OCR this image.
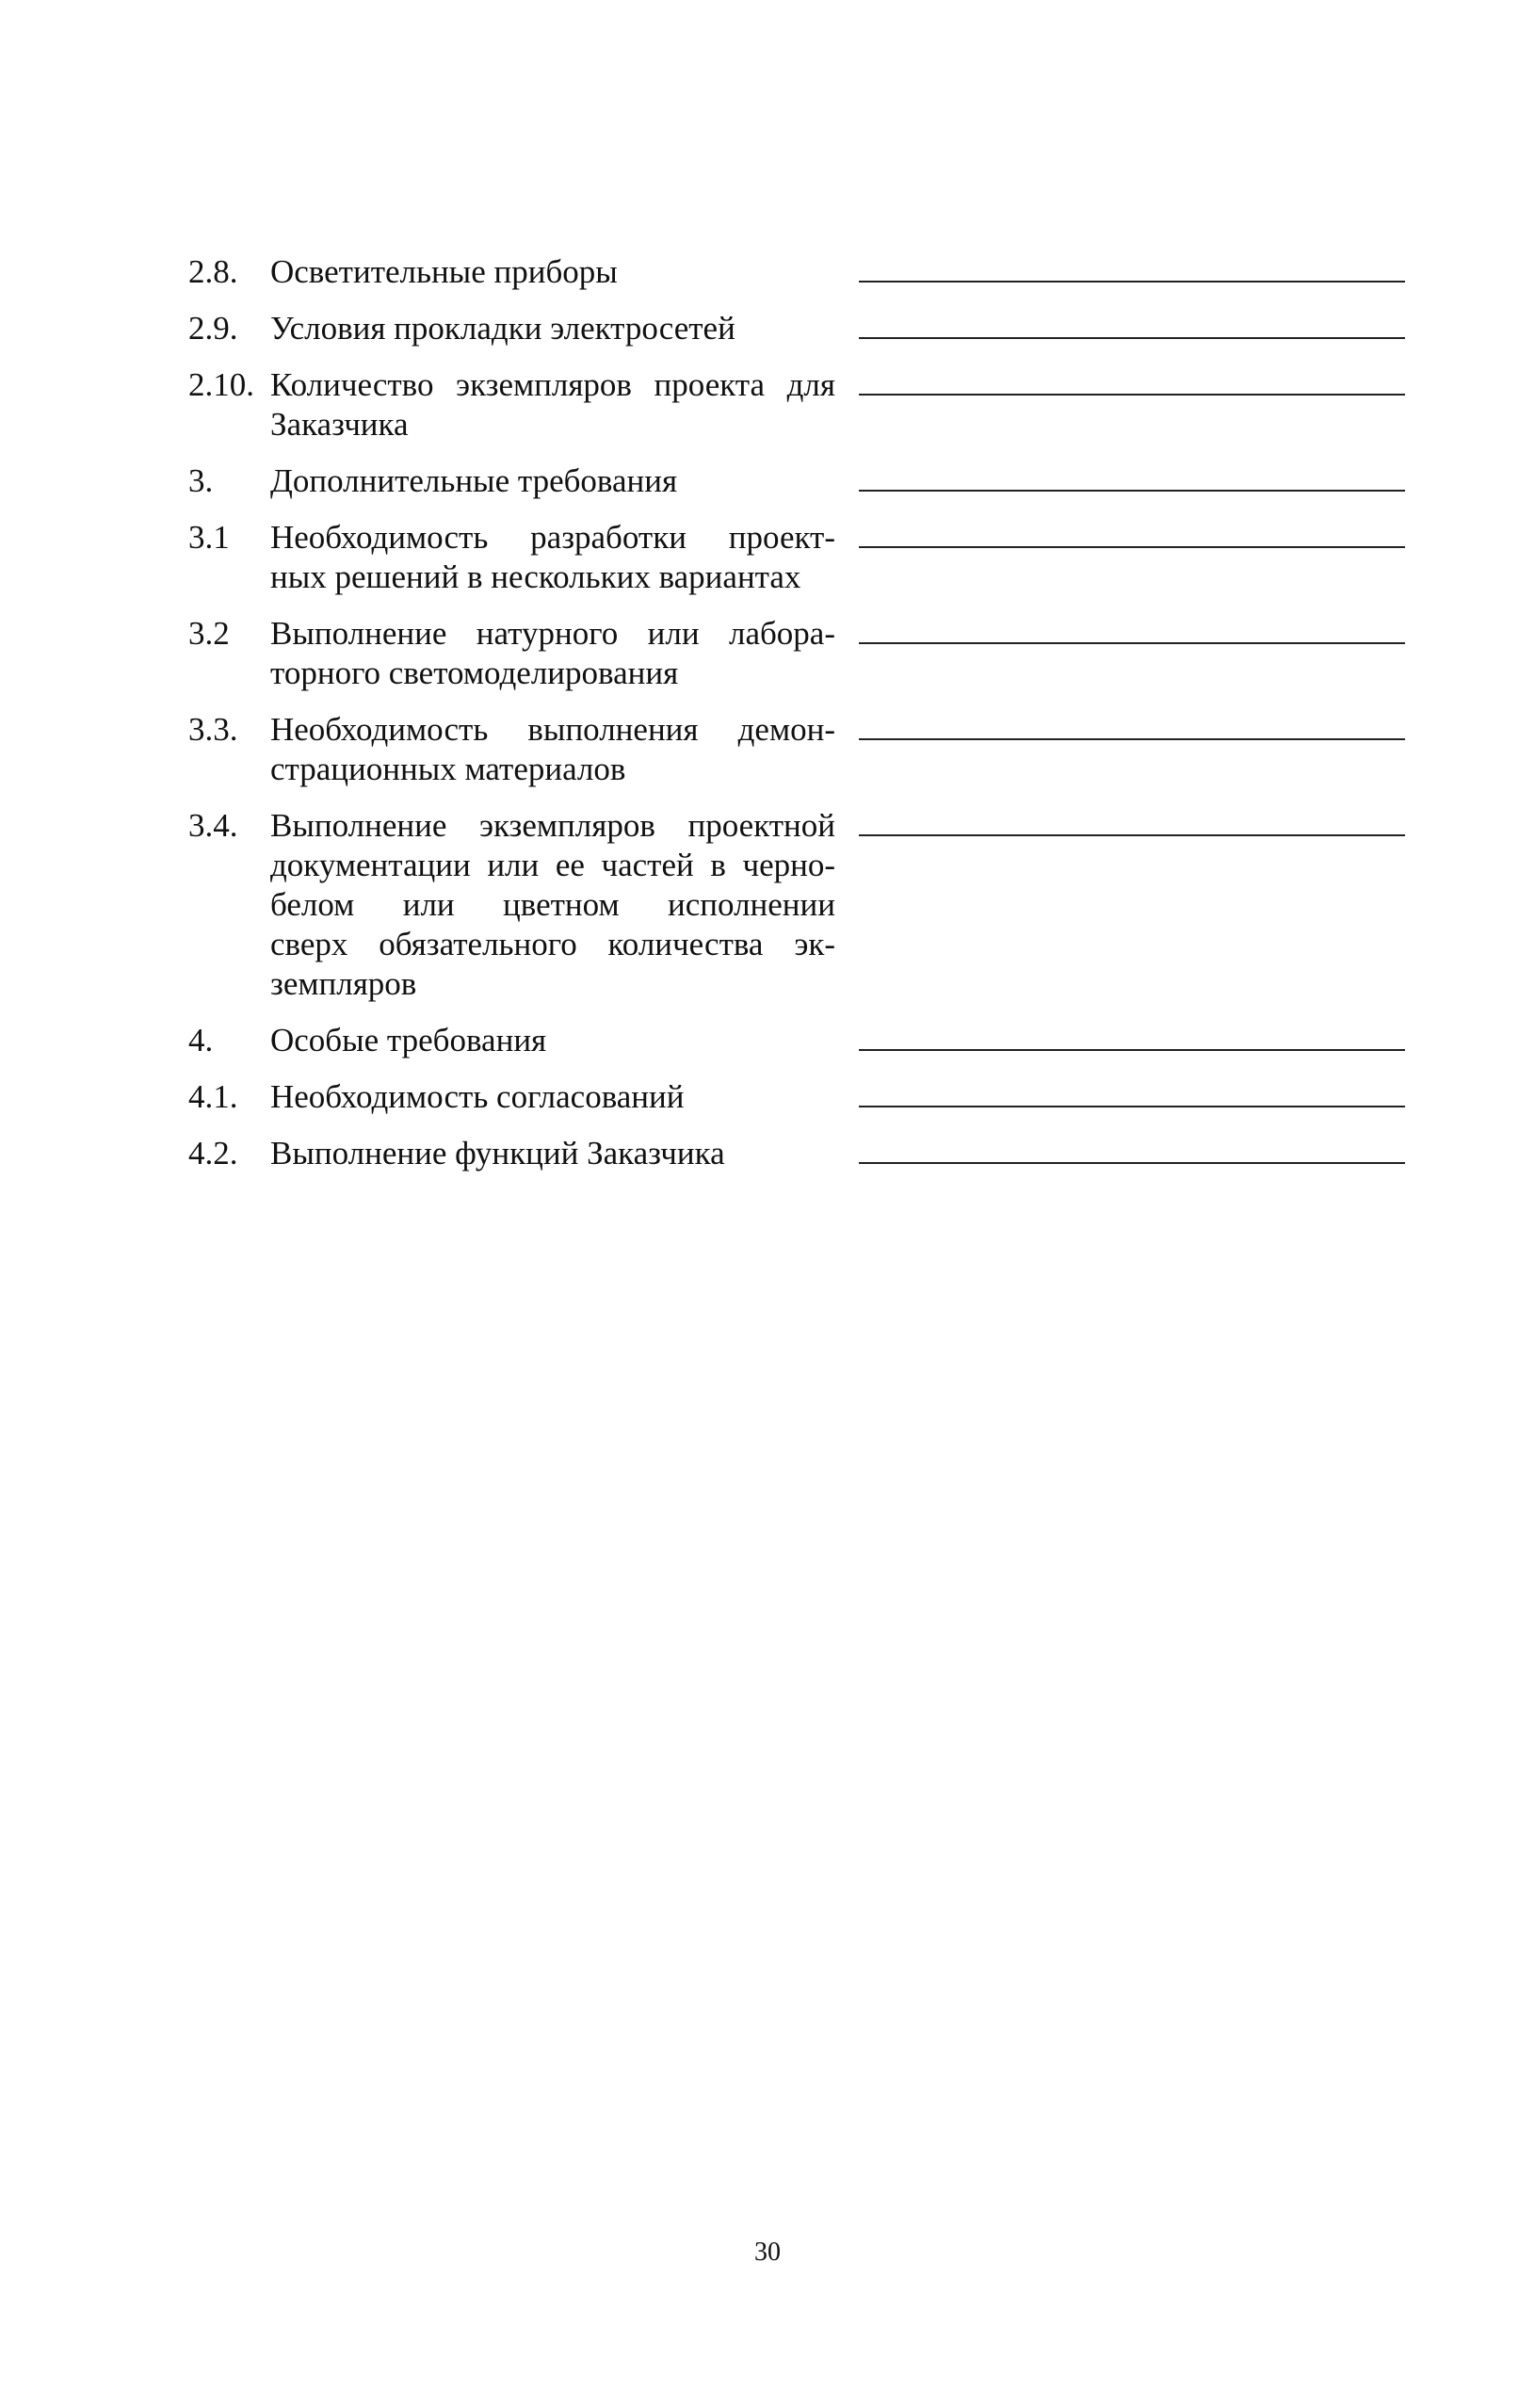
2.8. Осветительные приборы
2.9. Условия прокладки электросетей
2.10. Количество экземпляров проекта для
Заказчика
3.	Дополнительные требования
3.1	Необходимость разработки проект-
ных решений в нескольких вариантах
3.2	Выполнение натурного или лабора-
торного светомоделирования
3.3. Необходимость выполнения демон-
страционных материалов
3.4. Выполнение экземпляров проектной
документации или ее частей в черно-
белом или цветном исполнении
сверх обязательного количества эк-
земпляров
4.	Особые требования
4.1. Необходимость согласований
4.2. Выполнение функций Заказчика
30
